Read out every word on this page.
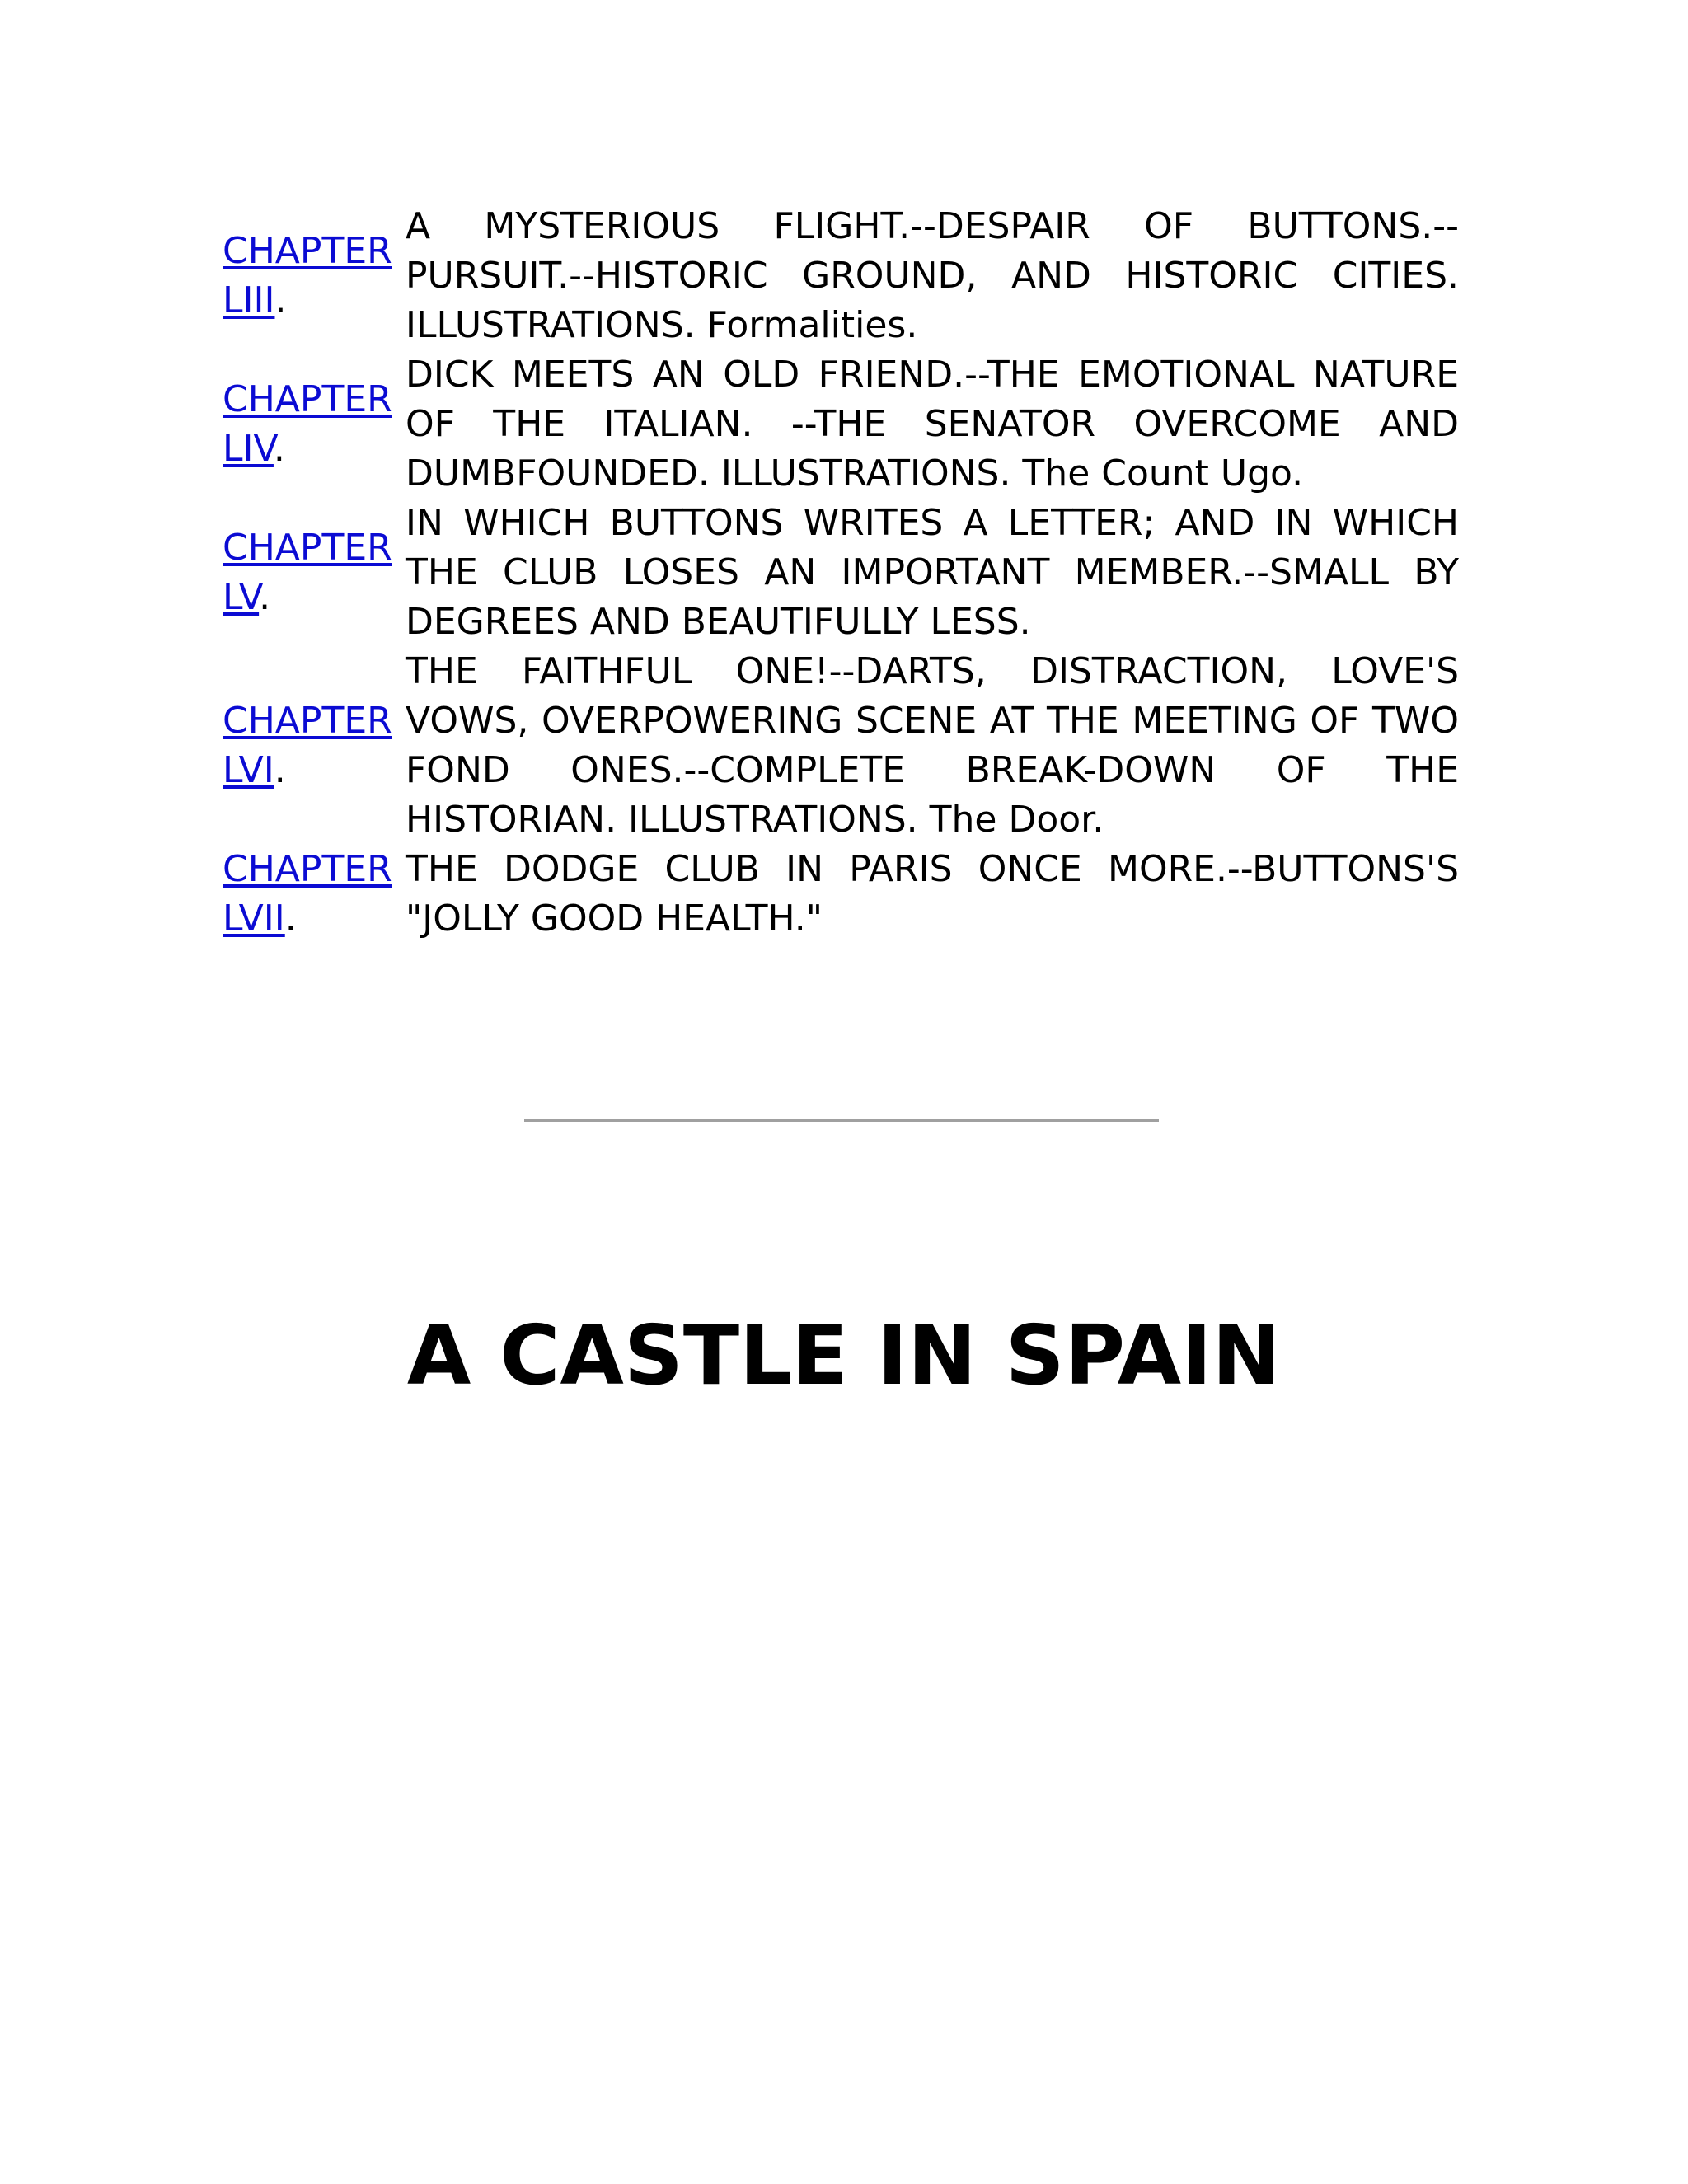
CHAPTER LIII.	A MYSTERIOUS FLIGHT.--DESPAIR OF BUTTONS.--PURSUIT.--HISTORIC GROUND, AND HISTORIC CITIES. ILLUSTRATIONS. Formalities.
CHAPTER LIV.	DICK MEETS AN OLD FRIEND.--THE EMOTIONAL NATURE OF THE ITALIAN. --THE SENATOR OVERCOME AND DUMBFOUNDED. ILLUSTRATIONS. The Count Ugo.
CHAPTER LV.	IN WHICH BUTTONS WRITES A LETTER; AND IN WHICH THE CLUB LOSES AN IMPORTANT MEMBER.--SMALL BY DEGREES AND BEAUTIFULLY LESS.
CHAPTER LVI.	THE FAITHFUL ONE!--DARTS, DISTRACTION, LOVE'S VOWS, OVERPOWERING SCENE AT THE MEETING OF TWO FOND ONES.--COMPLETE BREAK-DOWN OF THE HISTORIAN. ILLUSTRATIONS. The Door.
CHAPTER LVII.	THE DODGE CLUB IN PARIS ONCE MORE.--BUTTONS'S "JOLLY GOOD HEALTH."
A CASTLE IN SPAIN
